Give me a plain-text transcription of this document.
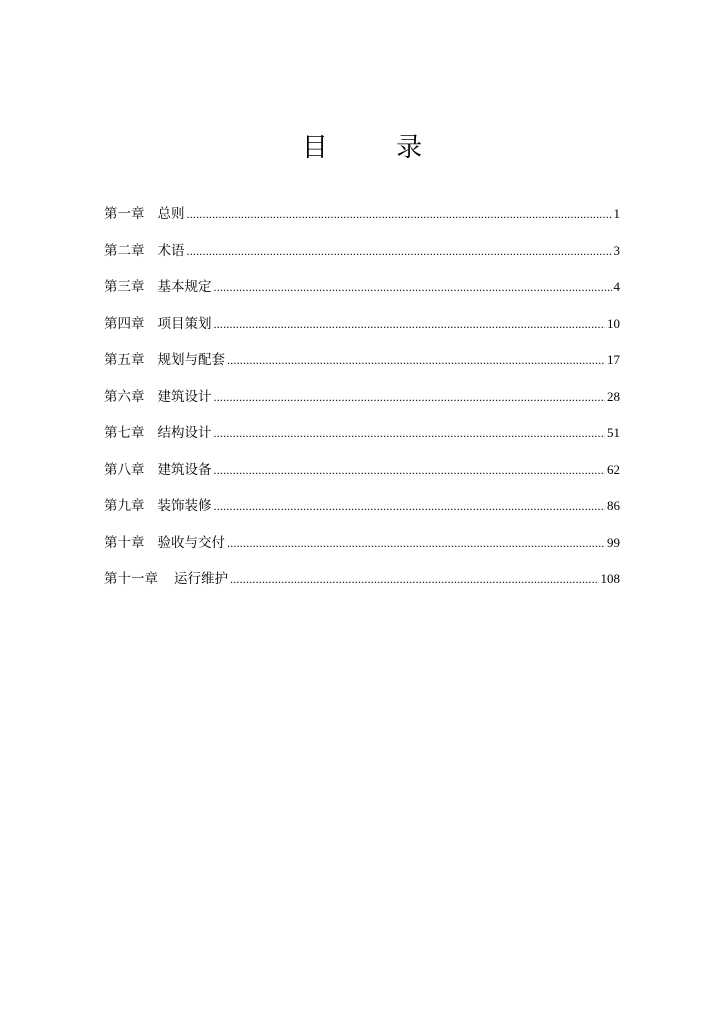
目 录
第一章 总则 .....	1
第二章 术语 .....	3
第三章 基本规定 .....	4
第四章 项目策划 .....	10
第五章 规划与配套 .....	17
第六章 建筑设计 .....	28
第七章 结构设计 .....	51
第八章 建筑设备 .....	62
第九章 装饰装修 .....	86
第十章 验收与交付 .....	99
第十一章 运行维护 .....	108
